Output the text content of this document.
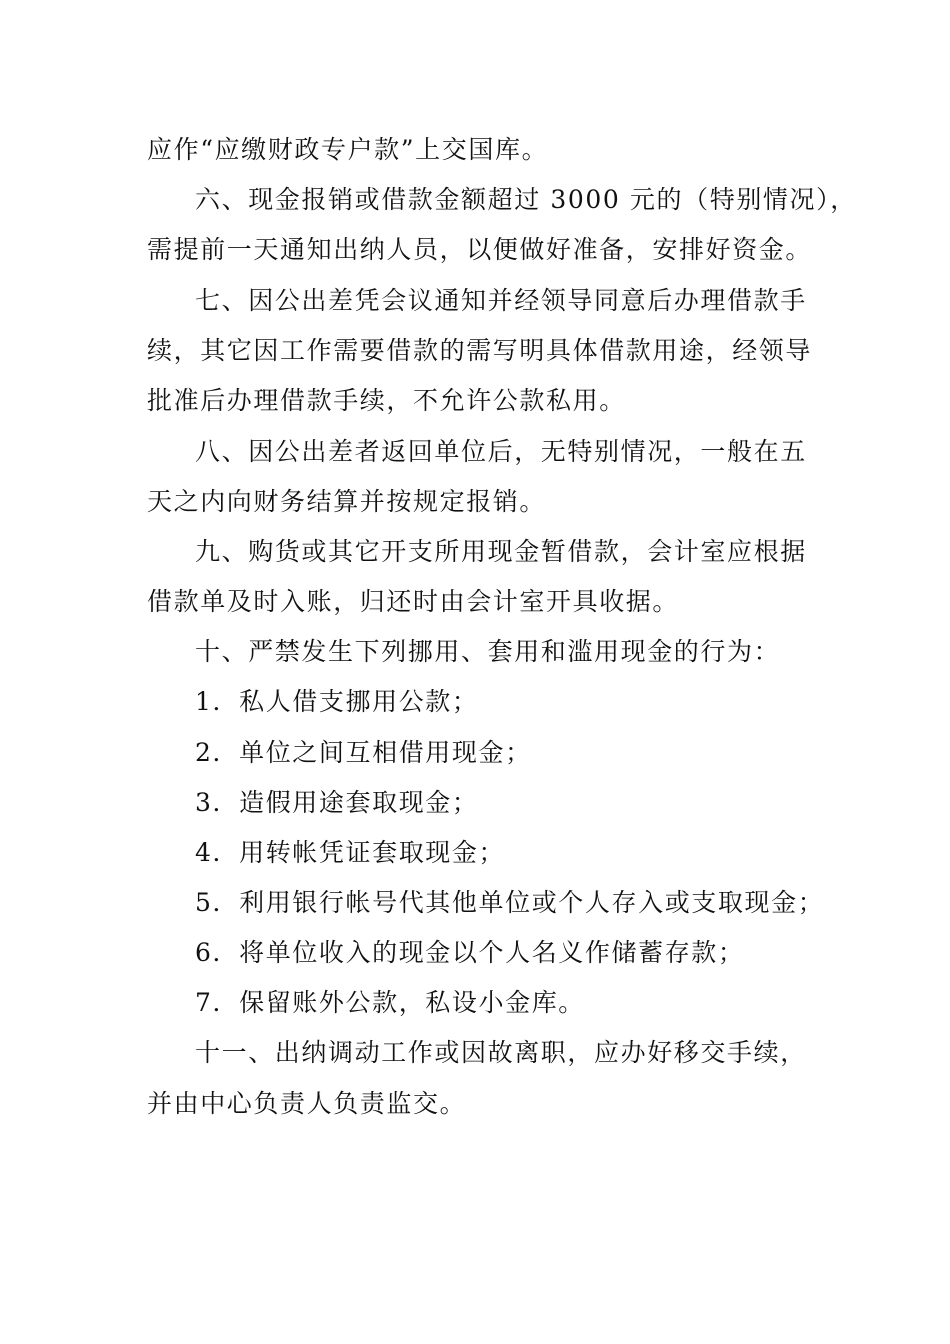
应作“应缴财政专户款”上交国库。
六、现金报销或借款金额超过 3000 元的（特别情况），
需提前一天通知出纳人员，以便做好准备，安排好资金。
七、因公出差凭会议通知并经领导同意后办理借款手
续，其它因工作需要借款的需写明具体借款用途，经领导
批准后办理借款手续，不允许公款私用。
八、因公出差者返回单位后，无特别情况，一般在五
天之内向财务结算并按规定报销。
九、购货或其它开支所用现金暂借款，会计室应根据
借款单及时入账，归还时由会计室开具收据。
十、严禁发生下列挪用、套用和滥用现金的行为：
1．私人借支挪用公款；
2．单位之间互相借用现金；
3．造假用途套取现金；
4．用转帐凭证套取现金；
5．利用银行帐号代其他单位或个人存入或支取现金；
6．将单位收入的现金以个人名义作储蓄存款；
7．保留账外公款，私设小金库。
十一、出纳调动工作或因故离职，应办好移交手续，
并由中心负责人负责监交。
